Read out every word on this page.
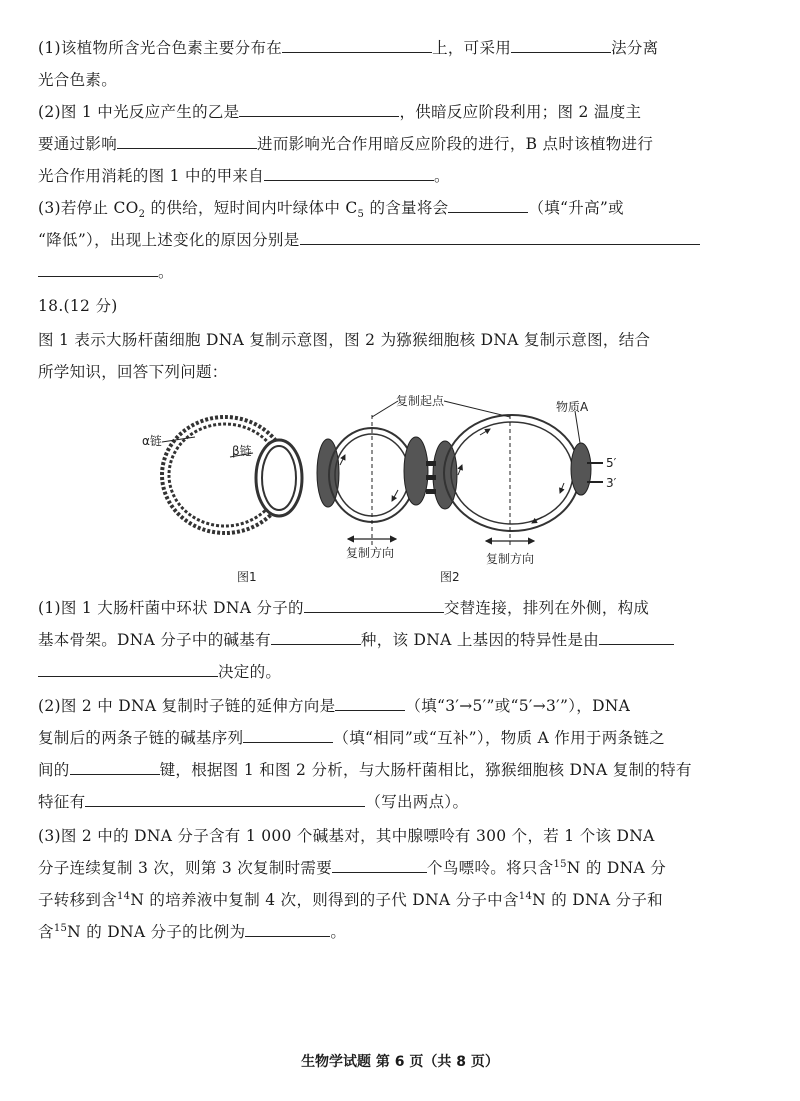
(1)该植物所含光合色素主要分布在	上，可采用	法分离
光合色素。
(2)图 1 中光反应产生的乙是	，供暗反应阶段利用；图 2 温度主
要通过影响	进而影响光合作用暗反应阶段的进行，B 点时该植物进行
光合作用消耗的图 1 中的甲来自	。
(3)若停止 $CO_2$ 的供给，短时间内叶绿体中 $C_5$ 的含量将会	（填“升高”或
“降低”），出现上述变化的原因分别是
。
18.(12 分)
图 1 表示大肠杆菌细胞 DNA 复制示意图，图 2 为猕猴细胞核 DNA 复制示意图，结合
所学知识，回答下列问题：
α链
β链
复制起点	物质A
5′
3′
复制方向	复制方向
图1	图2
(1)图 1 大肠杆菌中环状 DNA 分子的	交替连接，排列在外侧，构成
基本骨架。DNA 分子中的碱基有	种，该 DNA 上基因的特异性是由
决定的。
(2)图 2 中 DNA 复制时子链的延伸方向是	（填“3′→5′”或“5′→3′”），DNA
复制后的两条子链的碱基序列	（填“相同”或“互补”），物质 A 作用于两条链之
间的	键，根据图 1 和图 2 分析，与大肠杆菌相比，猕猴细胞核 DNA 复制的特有
特征有	（写出两点）。
(3)图 2 中的 DNA 分子含有 1 000 个碱基对，其中腺嘌呤有 300 个，若 1 个该 DNA
分子连续复制 3 次，则第 3 次复制时需要	个鸟嘌呤。将只含$^{15}$N 的 DNA 分
子转移到含$^{14}$N 的培养液中复制 4 次，则得到的子代 DNA 分子中含$^{14}$N 的 DNA 分子和
含$^{15}$N 的 DNA 分子的比例为	。
生物学试题 第 6 页（共 8 页）
